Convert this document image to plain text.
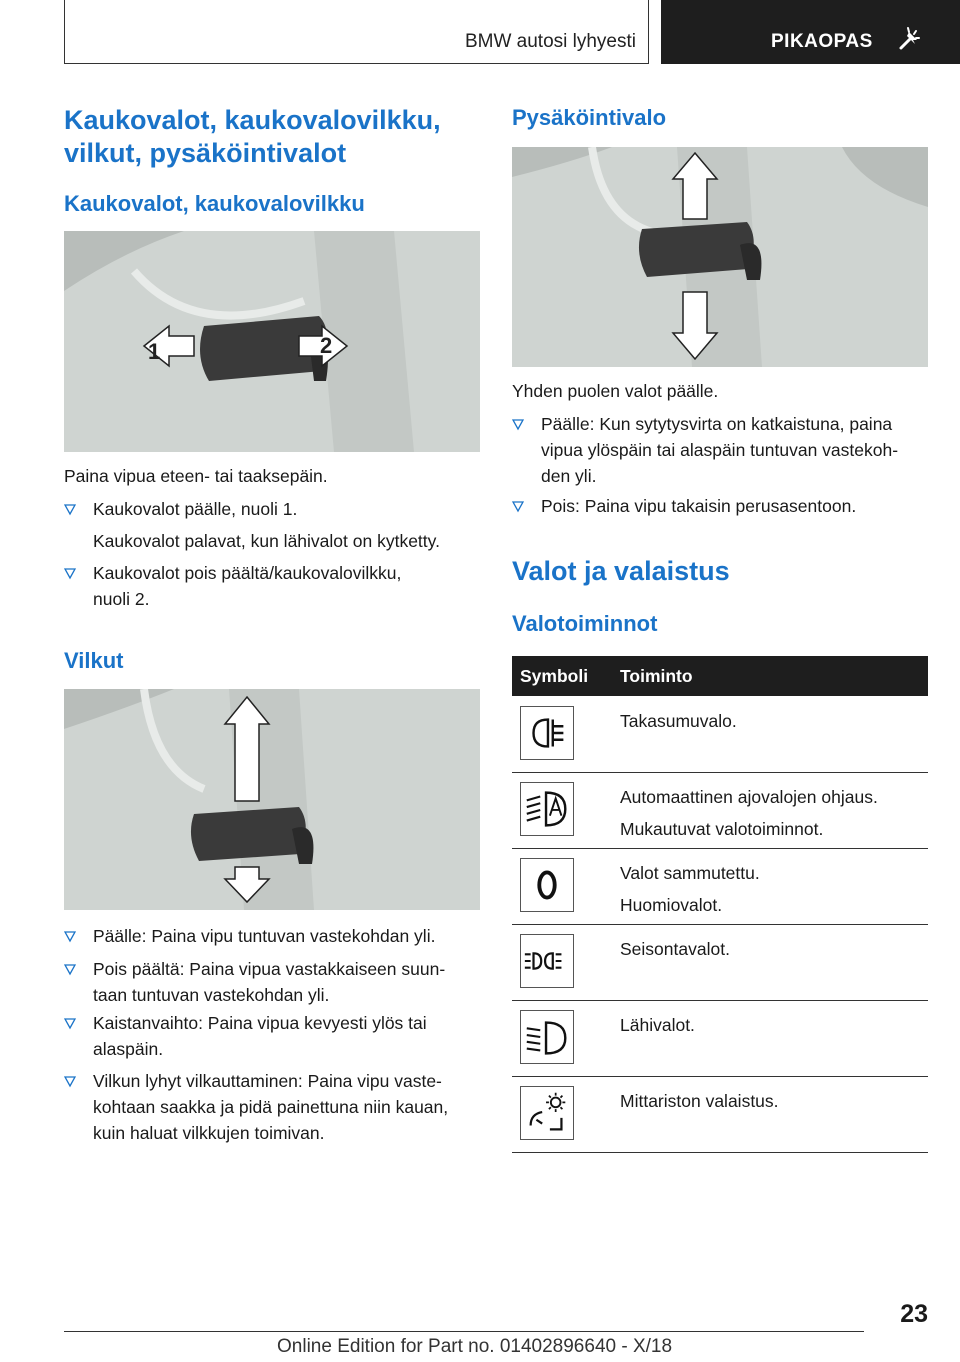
BMW autosi lyhyesti	PIKAOPAS
Kaukovalot, kaukovalovilkku, vilkut, pysäköintivalot
Kaukovalot, kaukovalovilkku
1	2
Paina vipua eteen- tai taaksepäin.
Kaukovalot päälle, nuoli 1.
Kaukovalot palavat, kun lähivalot on kytketty.
Kaukovalot pois päältä/kaukovalovilkku,
nuoli 2.
Vilkut
Päälle: Paina vipu tuntuvan vastekohdan yli.
Pois päältä: Paina vipua vastakkaiseen suun-
taan tuntuvan vastekohdan yli.
Kaistanvaihto: Paina vipua kevyesti ylös tai
alaspäin.
Vilkun lyhyt vilkauttaminen: Paina vipu vaste-
kohtaan saakka ja pidä painettuna niin kauan,
kuin haluat vilkkujen toimivan.
Pysäköintivalo
Yhden puolen valot päälle.
Päälle: Kun sytytysvirta on katkaistuna, paina
vipua ylöspäin tai alaspäin tuntuvan vastekoh-
den yli.
Pois: Paina vipu takaisin perusasentoon.
Valot ja valaistus
Valotoiminnot
Symboli Toiminto
Takasumuvalo.
Automaattinen ajovalojen ohjaus.
Mukautuvat valotoiminnot.
Valot sammutettu.
Huomiovalot.
Seisontavalot.
Lähivalot.
Mittariston valaistus.
23
Online Edition for Part no. 01402896640 - X/18
